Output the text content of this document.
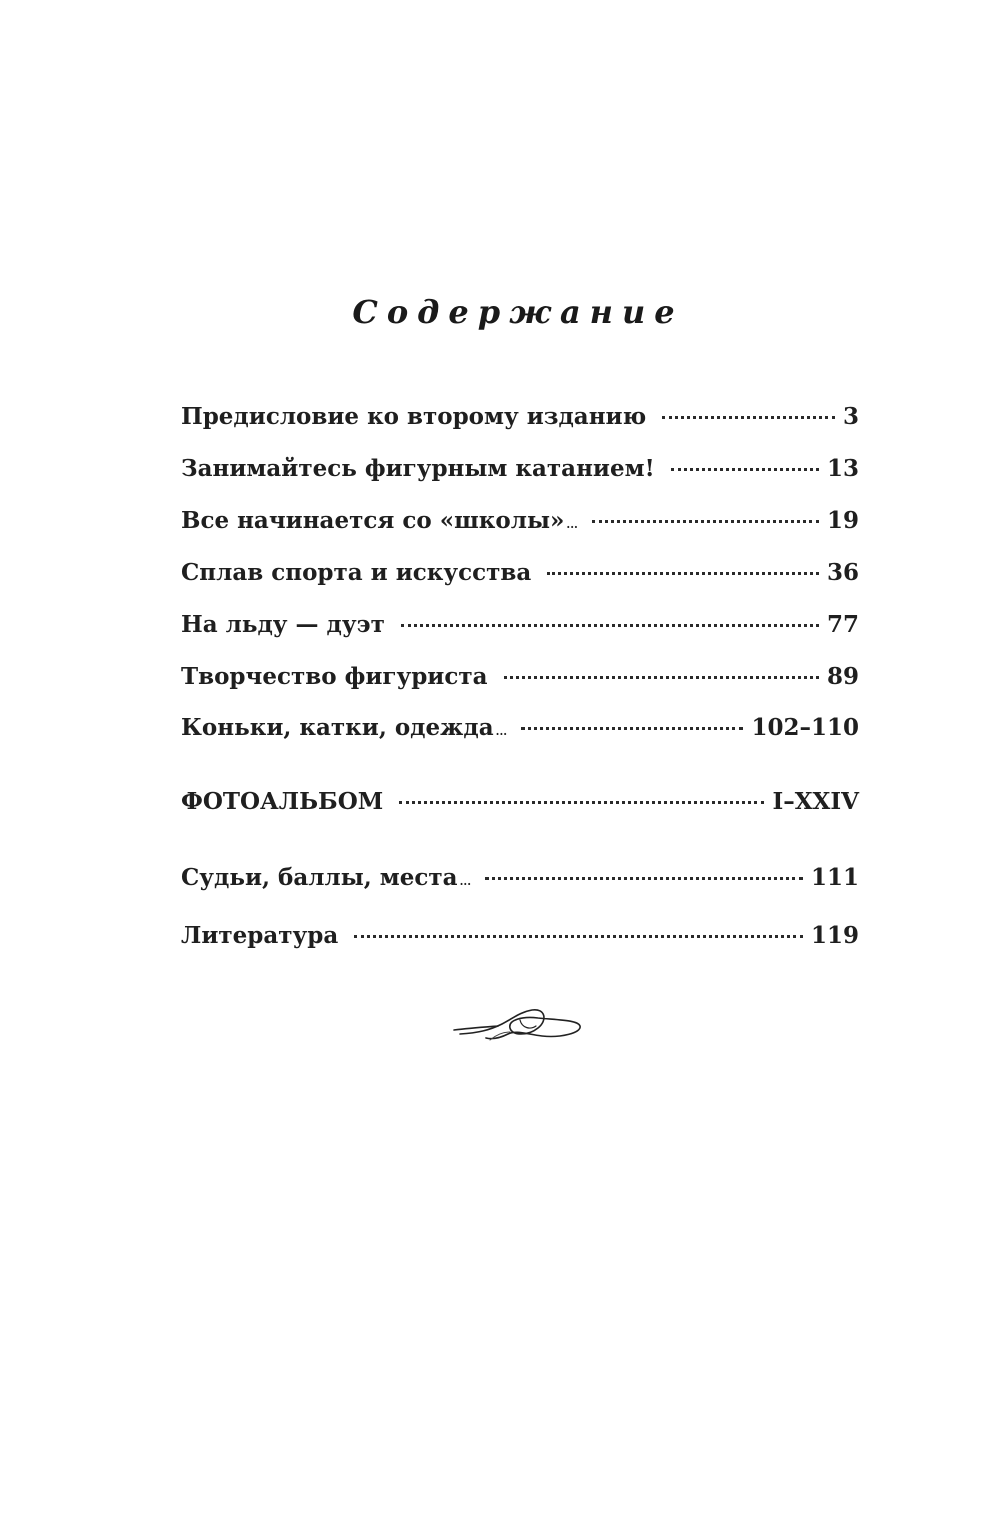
Содержание
Предисловие ко второму изданию	3
Занимайтесь фигурным катанием!	13
Все начинается со «школы» ...	19
Сплав спорта и искусства	36
На льду — дуэт	77
Творчество фигуриста	89
Коньки, катки, одежда ...	102–110
ФОТОАЛЬБОМ	I–XXIV
Судьи, баллы, места ...	111
Литература	119
